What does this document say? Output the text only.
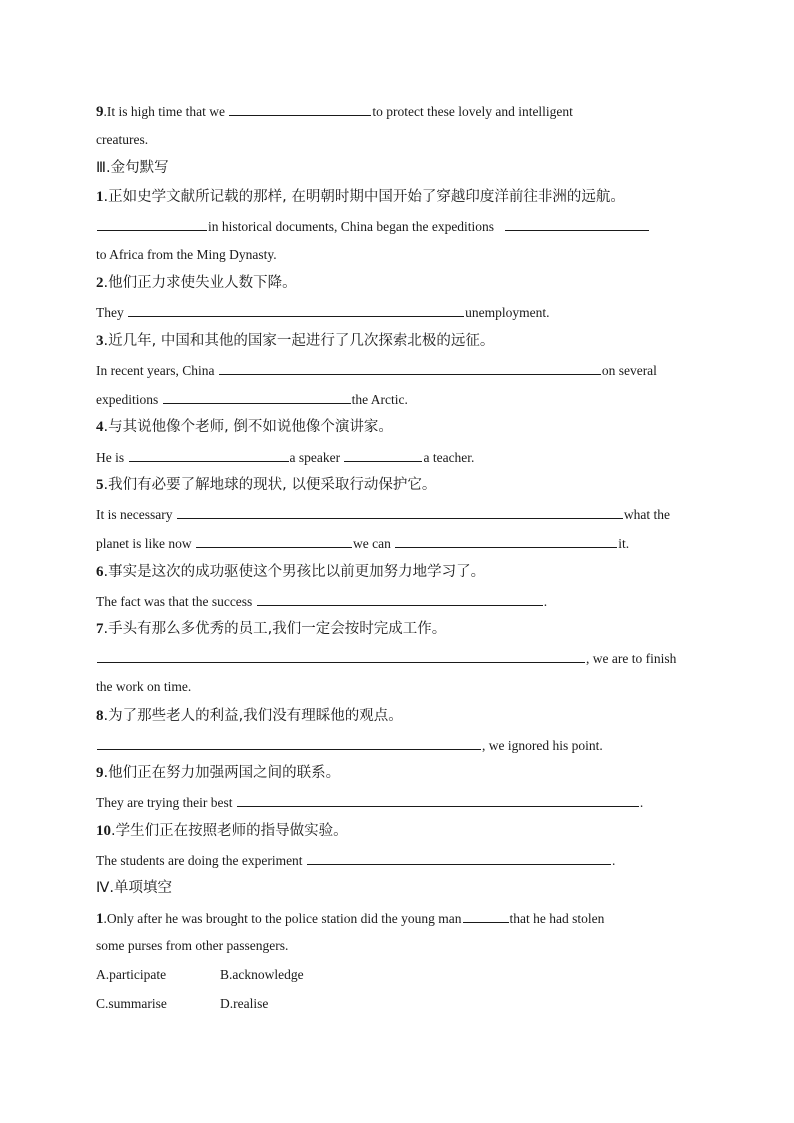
9.It is high time that we	to protect these lovely and intelligent
creatures.
Ⅲ.金句默写
1.正如史学文献所记载的那样, 在明朝时期中国开始了穿越印度洋前往非洲的远航。
in historical documents, China began the expeditions
to Africa from the Ming Dynasty.
2.他们正力求使失业人数下降。
They	unemployment.
3.近几年, 中国和其他的国家一起进行了几次探索北极的远征。
In recent years, China	on several
expeditions	the Arctic.
4.与其说他像个老师, 倒不如说他像个演讲家。
He is	a speaker	a teacher.
5.我们有必要了解地球的现状, 以便采取行动保护它。
It is necessary	what the
planet is like now	we can	it.
6.事实是这次的成功驱使这个男孩比以前更加努力地学习了。
The fact was that the success	.
7.手头有那么多优秀的员工,我们一定会按时完成工作。
, we are to finish
the work on time.
8.为了那些老人的利益,我们没有理睬他的观点。
, we ignored his point.
9.他们正在努力加强两国之间的联系。
They are trying their best	.
10.学生们正在按照老师的指导做实验。
The students are doing the experiment	.
Ⅳ.单项填空
1.Only after he was brought to the police station did the young man	that he had stolen
some purses from other passengers.
A.participate	B.acknowledge
C.summarise	D.realise
